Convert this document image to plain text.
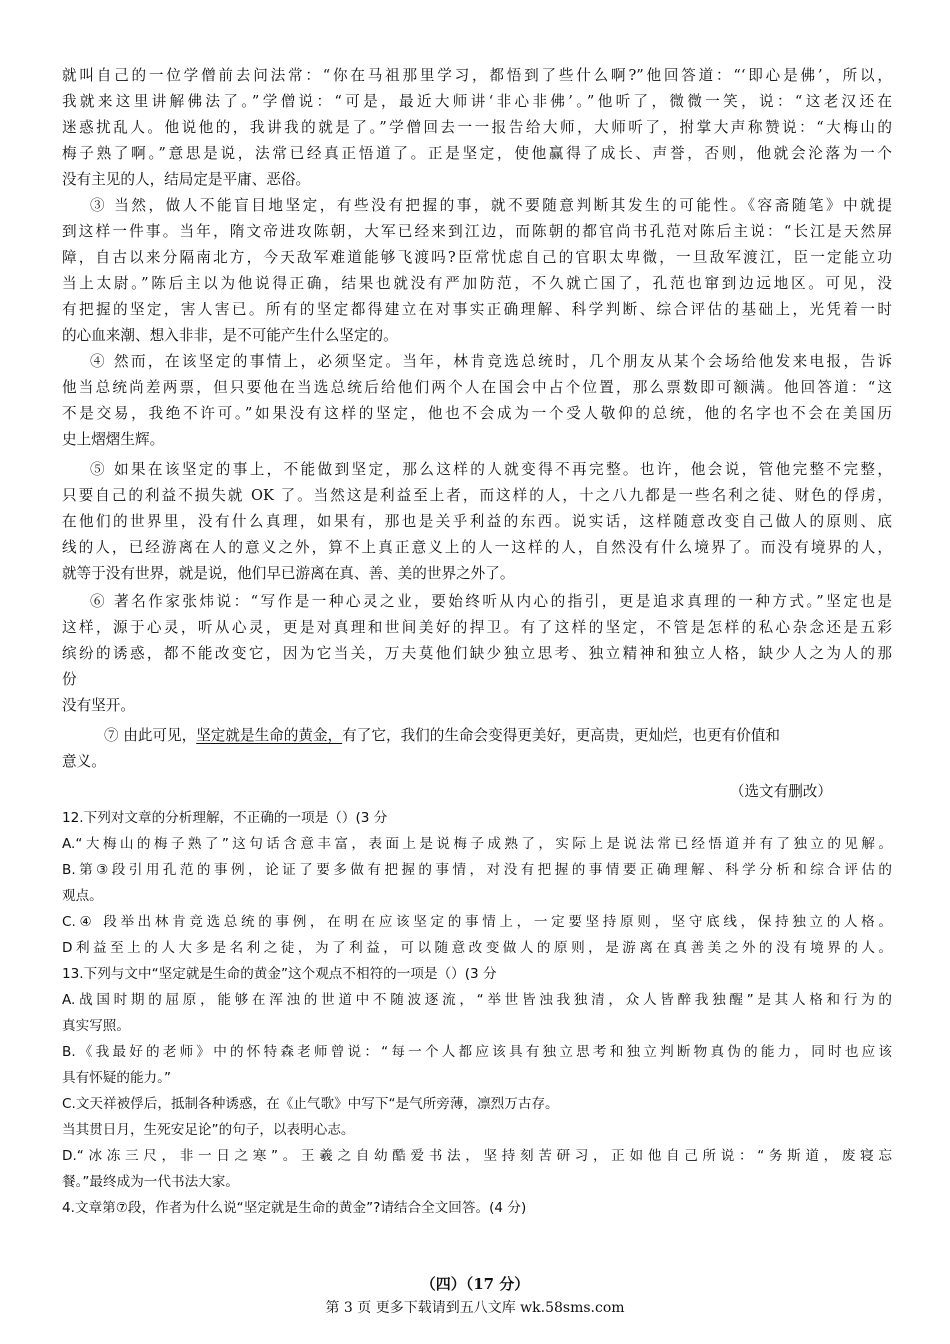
就叫自己的一位学僧前去问法常：“你在马祖那里学习，都悟到了些什么啊?”他回答道：“‘即心是佛’，所以，
我就来这里讲解佛法了。”学僧说：“可是，最近大师讲‘非心非佛’。”他听了，微微一笑，说：“这老汉还在
迷惑扰乱人。他说他的，我讲我的就是了。”学僧回去一一报告给大师，大师听了，拊掌大声称赞说：“大梅山的
梅子熟了啊。”意思是说，法常已经真正悟道了。正是坚定，使他赢得了成长、声誉，否则，他就会沦落为一个
没有主见的人，结局定是平庸、恶俗。
③ 当然，做人不能盲目地坚定，有些没有把握的事，就不要随意判断其发生的可能性。《容斋随笔》中就提
到这样一件事。当年，隋文帝进攻陈朝，大军已经来到江边，而陈朝的都官尚书孔范对陈后主说：“长江是天然屏
障，自古以来分隔南北方，今天敌军难道能够飞渡吗?臣常忧虑自己的官职太卑微，一旦敌军渡江，臣一定能立功
当上太尉。”陈后主以为他说得正确，结果也就没有严加防范，不久就亡国了，孔范也窜到边远地区。可见，没
有把握的坚定，害人害已。所有的坚定都得建立在对事实正确理解、科学判断、综合评估的基础上，光凭着一时
的心血来潮、想入非非，是不可能产生什么坚定的。
④ 然而，在该坚定的事情上，必须坚定。当年，林肯竞选总统时，几个朋友从某个会场给他发来电报，告诉
他当总统尚差两票，但只要他在当选总统后给他们两个人在国会中占个位置，那么票数即可额满。他回答道：“这
不是交易，我绝不许可。”如果没有这样的坚定，他也不会成为一个受人敬仰的总统，他的名字也不会在美国历
史上熠熠生辉。
⑤ 如果在该坚定的事上，不能做到坚定，那么这样的人就变得不再完整。也许，他会说，管他完整不完整，
只要自己的利益不损失就 OK 了。当然这是利益至上者，而这样的人，十之八九都是一些名利之徒、财色的俘虏，
在他们的世界里，没有什么真理，如果有，那也是关乎利益的东西。说实话，这样随意改变自己做人的原则、底
线的人，已经游离在人的意义之外，算不上真正意义上的人一这样的人，自然没有什么境界了。而没有境界的人，
就等于没有世界，就是说，他们早已游离在真、善、美的世界之外了。
⑥ 著名作家张炜说：“写作是一种心灵之业，要始终听从内心的指引，更是追求真理的一种方式。”坚定也是
这样，源于心灵，听从心灵，更是对真理和世间美好的捍卫。有了这样的坚定，不管是怎样的私心杂念还是五彩
缤纷的诱惑，都不能改变它，因为它当关，万夫莫他们缺少独立思考、独立精神和独立人格，缺少人之为人的那
份
没有坚开。
⑦ 由此可见，坚定就是生命的黄金，有了它，我们的生命会变得更美好，更高贵，更灿烂，也更有价值和
意义。
（选文有删改）
12.下列对文章的分析理解，不正确的一项是（）(3 分
A.“大梅山的梅子熟了”这句话含意丰富，表面上是说梅子成熟了，实际上是说法常已经悟道并有了独立的见解。
B.第③段引用孔范的事例，论证了要多做有把握的事情，对没有把握的事情要正确理解、科学分析和综合评估的
观点。
C.④ 段举出林肯竞选总统的事例，在明在应该坚定的事情上，一定要坚持原则，坚守底线，保持独立的人格。
D利益至上的人大多是名利之徒，为了利益，可以随意改变做人的原则，是游离在真善美之外的没有境界的人。
13.下列与文中“坚定就是生命的黄金”这个观点不相符的一项是（）(3 分
A.战国时期的屈原，能够在浑浊的世道中不随波逐流，“举世皆浊我独清，众人皆醉我独醒”是其人格和行为的
真实写照。
B.《我最好的老师》中的怀特森老师曾说：“每一个人都应该具有独立思考和独立判断物真伪的能力，同时也应该
具有怀疑的能力。”
C.文天祥被俘后，抵制各种诱惑，在《止气歌》中写下“是气所旁薄，凛烈万古存。
当其贯日月，生死安足论”的句子，以表明心志。
D.“冰冻三尺，非一日之寒”。王羲之自幼酷爱书法，坚持刻苦研习，正如他自己所说：“务斯道，废寝忘
餐。”最终成为一代书法大家。
4.文章第⑦段，作者为什么说“坚定就是生命的黄金”?请结合全文回答。(4 分)
（四）（17 分）
第 3 页 更多下载请到五八文库 wk.58sms.com
